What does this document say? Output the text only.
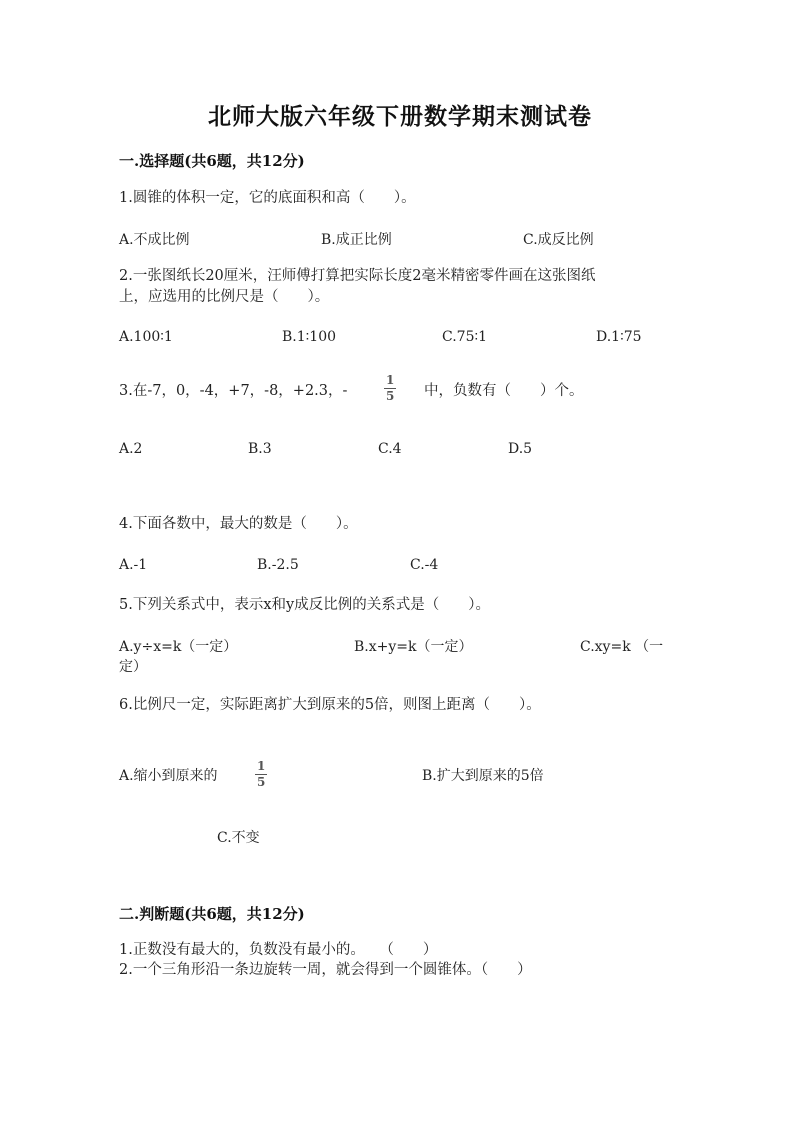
北师大版六年级下册数学期末测试卷
一.选择题(共6题，共12分)
1.圆锥的体积一定，它的底面积和高（　　）。
A.不成比例	B.成正比例	C.成反比例
2.一张图纸长20厘米，汪师傅打算把实际长度2毫米精密零件画在这张图纸
上，应选用的比例尺是（　　）。
A.100∶1	B.1∶100	C.75∶1	D.1∶75
3.在-7，0，-4，+7，-8，+2.3，-	$\frac{1}{5}$ 中，负数有（　　）个。
A.2	B.3	C.4	D.5
4.下面各数中，最大的数是（　　）。
A.-1	B.-2.5	C.-4
5.下列关系式中，表示x和y成反比例的关系式是（　　）。
A.y÷x=k（一定）	B.x+y=k（一定）	C.xy=k （一
定）
6.比例尺一定，实际距离扩大到原来的5倍，则图上距离（　　）。
A.缩小到原来的	$\frac{1}{5}$	B.扩大到原来的5倍
C.不变
二.判断题(共6题，共12分)
1.正数没有最大的，负数没有最小的。　　（　　）
2.一个三角形沿一条边旋转一周，就会得到一个圆锥体。（　　）
